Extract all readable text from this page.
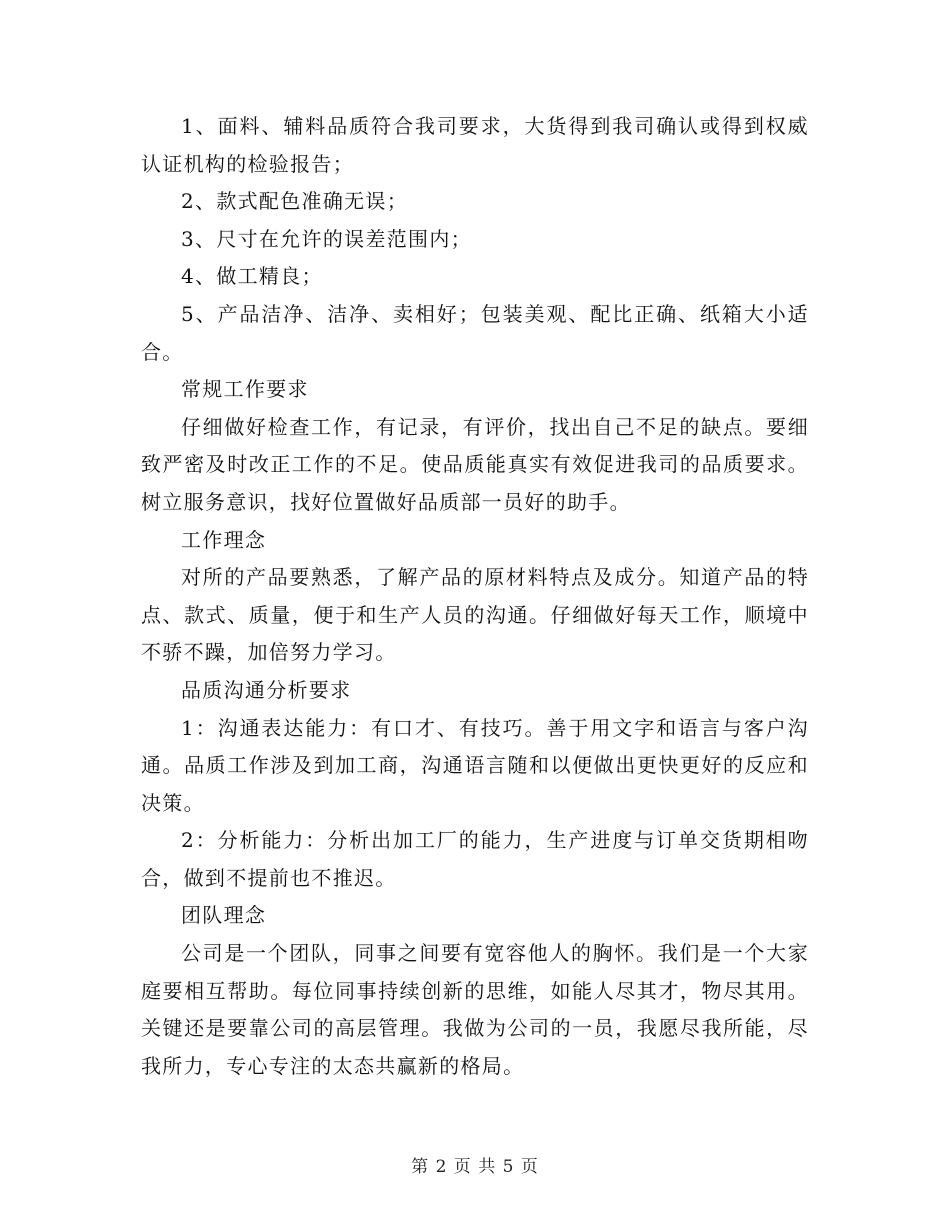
1、面料、辅料品质符合我司要求，大货得到我司确认或得到权威认证机构的检验报告；

2、款式配色准确无误；

3、尺寸在允许的误差范围内；

4、做工精良；

5、产品洁净、洁净、卖相好；包装美观、配比正确、纸箱大小适合。

常规工作要求

仔细做好检查工作，有记录，有评价，找出自己不足的缺点。要细致严密及时改正工作的不足。使品质能真实有效促进我司的品质要求。树立服务意识，找好位置做好品质部一员好的助手。

工作理念

对所的产品要熟悉，了解产品的原材料特点及成分。知道产品的特点、款式、质量，便于和生产人员的沟通。仔细做好每天工作，顺境中不骄不躁，加倍努力学习。

品质沟通分析要求

1：沟通表达能力：有口才、有技巧。善于用文字和语言与客户沟通。品质工作涉及到加工商，沟通语言随和以便做出更快更好的反应和决策。

2：分析能力：分析出加工厂的能力，生产进度与订单交货期相吻合，做到不提前也不推迟。

团队理念

公司是一个团队，同事之间要有宽容他人的胸怀。我们是一个大家庭要相互帮助。每位同事持续创新的思维，如能人尽其才，物尽其用。关键还是要靠公司的高层管理。我做为公司的一员，我愿尽我所能，尽我所力，专心专注的太态共赢新的格局。

第 2 页 共 5 页
